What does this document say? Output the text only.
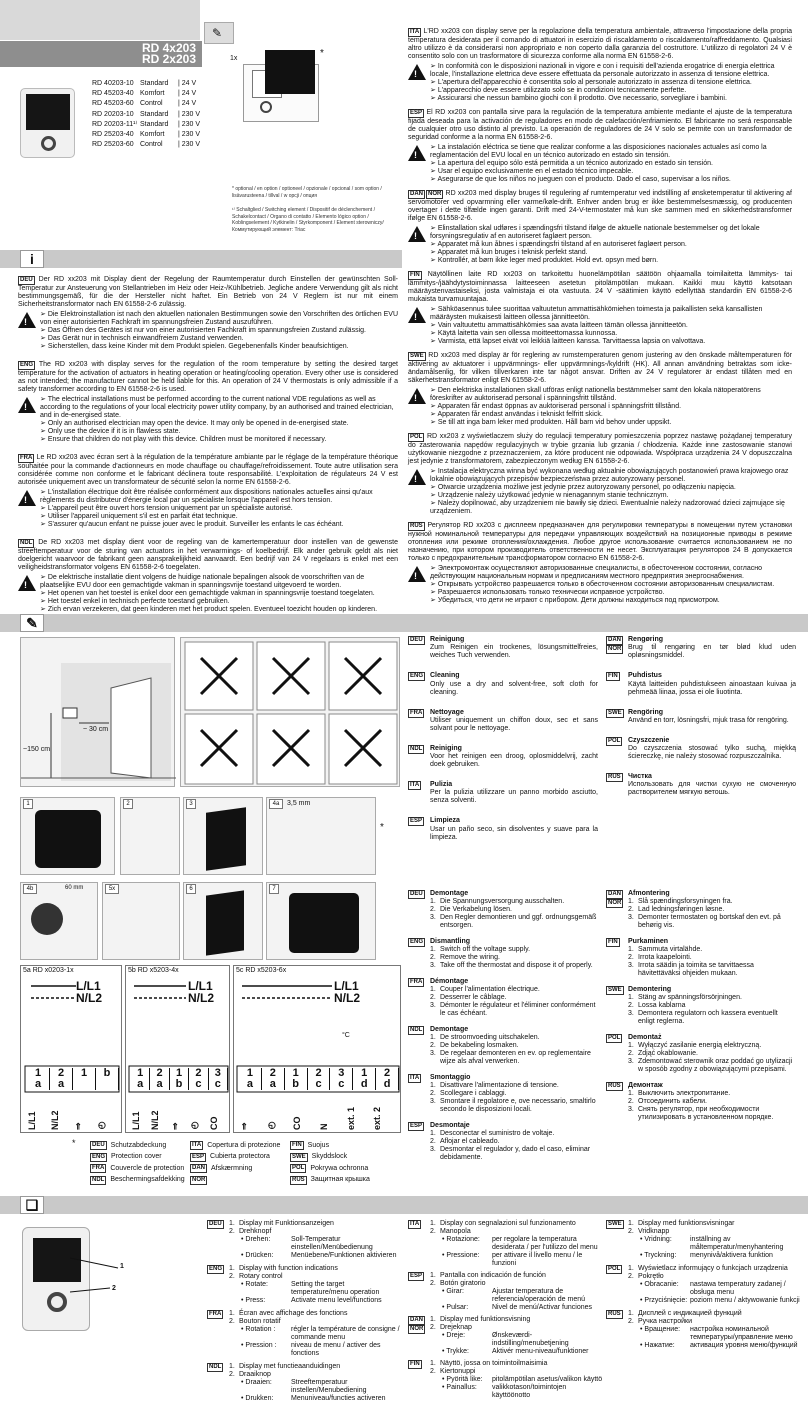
✎
RD 4x203
RD 2x203
RD 40203-10 Standard	| 24 V
RD 45203-40 Komfort	| 24 V
RD 45203-60 Control	| 24 V
RD 20203-10 Standard	| 230 V
RD 20203-11¹⁾ Standard	| 230 V
RD 25203-40 Komfort	| 230 V
RD 25203-60 Control	| 230 V
1x	*
* optional / en option / optioneel / opzionale / opcional / som option / lisävarusteena / tillval / w opcji / опция
¹⁾ Schaltglied / Switching element / Dispositif de déclenchement / Schakelcontact / Organo di contatto / Elemento lógico option / Koblingselement / Kytkinelin / Styrkomponent / Element sterowniczy/ Коммутирующий элемент: Triac
i
DEU Der RD xx203 mit Display dient der Regelung der Raumtemperatur durch Einstellen der gewünschten Soll-Temperatur zur Ansteuerung von Stellantrieben im Heiz oder Heiz-/Kühlbetrieb. Jegliche andere Verwendung gilt als nicht bestimmungsgemäß, für die der Hersteller nicht haftet. Ein Betrieb von 24 V Reglern ist nur mit einem Sicherheitstransformator nach EN 61558-2-6 zulässig.
!
➢ Die Elektroinstallation ist nach den aktuellen nationalen Bestimmungen sowie den Vorschriften des örtlichen EVU von einer autorisierten Fachkraft im spannungsfreien Zustand auszuführen.
➢ Das Öffnen des Gerätes ist nur von einer autorisierten Fachkraft im spannungsfreien Zustand zulässig.
➢ Das Gerät nur in technisch einwandfreiem Zustand verwenden.
➢ Sicherstellen, dass keine Kinder mit dem Produkt spielen. Gegebenenfalls Kinder beaufsichtigen.
ENG The RD xx203 with display serves for the regulation of the room temperature by setting the desired target temperature for the activation of actuators in heating operation or heating/cooling operation. Every other use is considered as not intended; the manufacturer cannot be held liable for this. An operation of 24 V thermostats is only admissible if a safety transformer according to EN 61558-2-6 is used.
!
➢ The electrical installations must be performed according to the current national VDE regulations as well as according to the regulations of your local electricity power utility company, by an authorised and trained electrician, and in de-energised state.
➢ Only an authorised electrician may open the device. It may only be opened in de-energised state.
➢ Only use the device if it is in flawless state.
➢ Ensure that children do not play with this device. Children must be monitored if necessary.
FRA Le RD xx203 avec écran sert à la régulation de la température ambiante par le réglage de la température théorique souhaitée pour la commande d'actionneurs en mode chauffage ou chauffage/refroidissement. Toute autre utilisation sera considérée comme non conforme et le fabricant déclinera toute responsabilité. L'exploitation de régulateurs 24 V est autorisée uniquement avec un transformateur de sécurité selon la norme EN 61558-2-6.
!
➢ L'installation électrique doit être réalisée conformément aux dispositions nationales actuelles ainsi qu'aux règlements du distributeur d'énergie local par un spécialiste lorsque l'appareil est hors tension.
➢ L'appareil peut être ouvert hors tension uniquement par un spécialiste autorisé.
➢ Utiliser l'appareil uniquement s'il est en parfait état technique.
➢ S'assurer qu'aucun enfant ne puisse jouer avec le produit. Surveiller les enfants le cas échéant.
NDL De RD xx203 met display dient voor de regeling van de kamertemperatuur door instellen van de gewenste streeftemperatuur voor de sturing van actuators in het verwarmings- of koelbedrijf. Elk ander gebruik geldt als niet doelgericht waarvoor de fabrikant geen aansprakelijkheid aanvaardt. Een bedrijf van 24 V regelaars is enkel met een veiligheidstransformator volgens EN 61558-2-6 toegelaten.
!
➢ De elektrische installatie dient volgens de huidige nationale bepalingen alsook de voorschriften van de plaatselijke EVU door een gemachtigde vakman in spanningsvrije toestand uitgevoerd te worden.
➢ Het openen van het toestel is enkel door een gemachtigde vakman in spanningsvrije toestand toegelaten.
➢ Het toestel enkel in technisch perfecte toestand gebruiken.
➢ Zich ervan verzekeren, dat geen kinderen met het product spelen. Eventueel toezicht houden op kinderen.
ITA L'RD xx203 con display serve per la regolazione della temperatura ambientale, attraverso l'impostazione della propria temperatura desiderata per il comando di attuatori in esercizio di riscaldamento o riscaldamento/raffreddamento. Qualsiasi altro utilizzo è da considerarsi non appropriato e non coperto dalla garanzia del costruttore. L'utilizzo di regolatori 24 V è consentito solo con un trasformatore di sicurezza conforme alla norma EN 61558-2-6.
!
➢ In conformità con le disposizioni nazionali in vigore e con i requisiti dell'azienda erogatrice di energia elettrica locale, l'installazione elettrica deve essere effettuata da personale autorizzato in assenza di tensione elettrica.
➢ L'apertura dell'apparecchio è consentita solo al personale autorizzato in assenza di tensione elettrica.
➢ L'apparecchio deve essere utilizzato solo se in condizioni tecnicamente perfette.
➢ Assicurarsi che nessun bambino giochi con il prodotto. Ove necessario, sorvegliare i bambini.
ESP El RD xx203 con pantalla sirve para la regulación de la temperatura ambiente mediante el ajuste de la temperatura fijada deseada para la activación de reguladores en modo de calefacción/enfriamiento. El fabricante no será responsable de cualquier otro uso distinto al previsto. La operación de reguladores de 24 V solo se permite con un transformador de seguridad conforme a la norma EN 61558-2-6.
!
➢ La instalación eléctrica se tiene que realizar conforme a las disposiciones nacionales actuales así como la reglamentación del EVU local en un técnico autorizado en estado sin tensión.
➢ La apertura del equipo sólo está permitida a un técnico autorizado en estado sin tensión.
➢ Usar el equipo exclusivamente en el estado técnico impecable.
➢ Asegurarse de que los niños no jueguen con el producto. Dado el caso, supervisar a los niños.
DAN NOR RD xx203 med display bruges til regulering af rumtemperatur ved indstilling af ønsketemperatur til aktivering af servomotorer ved opvarmning eller varme/køle-drift. Enhver anden brug er ikke bestemmelsesmæssig, og producenten overtager i dette tilfælde ingen garanti. Drift med 24-V-termostater må kun ske sammen med en sikkerhedstransformer ifølge EN 61558-2-6.
!
➢ Elinstallation skal udføres i spændingsfri tilstand ifølge de aktuelle nationale bestemmelser og det lokale forsyningsregulativ af en autoriseret fagløert person.
➢ Apparatet må kun åbnes i spændingsfri tilstand af en autoriseret fagløert person.
➢ Apparatet må kun bruges i teknisk perfekt stand.
➢ Kontrollér, at børn ikke leger med produktet. Hold evt. opsyn med børn.
FIN Näytöllinen laite RD xx203 on tarkoitettu huonelämpötilan säätöön ohjaamalla toimilaitetta lämmitys- tai lämmitys-/jäähdytystoiminnassa laitteeseen asetetun pitolämpötilan mukaan. Kaikki muu käyttö katsotaan määräystenvastaiseksi, josta valmistaja ei ota vastuuta. 24 V -säätimien käyttö edellyttää standardin EN 61558-2-6 mukaista turvamuuntajaa.
!
➢ Sähköasennus tulee suorittaa valtuutetun ammattisähkömiehen toimesta ja paikallisten sekä kansallisten määräysten mukaisesti laitteen ollessa jännitteetön.
➢ Vain valtuutettu ammattisähkömies saa avata laitteen tämän ollessa jännitteetön.
➢ Käytä laitetta vain sen ollessa moitteettomassa kunnossa.
➢ Varmista, että lapset eivät voi leikkiä laitteen kanssa. Tarvittaessa lapsia on valvottava.
SWE RD xx203 med display är för reglering av rumstemperaturen genom justering av den önskade måltemperaturen för aktivering av aktuatorer i uppvärmnings- eller uppvärmnings-/kyldrift (HK). All annan användning betraktas som icke-ändamålsenlig, för vilken tillverkaren inte tar något ansvar. Driften av 24 V regulatorer är endast tillåten med en säkerhetstransformator enligt EN 61558-2-6.
!
➢ Den elektriska installationen skall utföras enligt nationella bestämmelser samt den lokala nätoperatörens föreskrifter av auktoriserad personal i spänningsfritt tillstånd.
➢ Apparaten får endast öppnas av auktoriserad personal i spänningsfritt tillstånd.
➢ Apparaten får endast användas i tekniskt felfritt skick.
➢ Se till att inga barn leker med produkten. Håll barn vid behov under uppsikt.
POL RD xx203 z wyświetlaczem służy do regulacji temperatury pomieszczenia poprzez nastawę pożądanej temperatury do zasterowania napędów regulacyjnych w trybie grzania lub grzania / chłodzenia. Każde inne zastosowanie stanowi użytkowanie niezgodne z przeznaczeniem, za które producent nie odpowiada. Współpraca urządzenia 24 V dopuszczalna jest jedynie z transformatorem, zabezpieczonym według EN 61558-2-6.
!
➢ Instalacja elektryczna winna być wykonana według aktualnie obowiązujących postanowień prawa krajowego oraz lokalnie obowiązujących przepisów bezpieczeństwa przez autoryzowany personel.
➢ Otwarcie urządzenia możliwe jest jedynie przez autoryzowany personel, po odłączeniu napięcia.
➢ Urządzenie należy użytkować jedynie w nienagannym stanie technicznym.
➢ Należy dopilnować, aby urządzeniem nie bawiły się dzieci. Ewentualnie należy nadzorować dzieci zajmujące się urządzeniem.
RUS Регулятор RD xx203 с дисплеем предназначен для регулировки температуры в помещении путем установки нужной номинальной температуры для передачи управляющих воздействий на позиционные приводы в режиме отопления или режиме отопления/охлаждения. Любое другое использование считается использованием не по назначению, при котором производитель ответственности не несет. Эксплуатация регуляторов 24 В допускается только с предохранительным трансформатором согласно EN 61558-2-6.
!
➢ Электромонтаж осуществляют авторизованные специалисты, в обесточенном состоянии, согласно действующим национальным нормам и предписаниям местного предприятия энергоснабжения.
➢ Открывать устройство разрешается только в обесточенном состоянии авторизованным специалистам.
➢ Разрешается использовать только технически исправное устройство.
➢ Убедиться, что дети не играют с прибором. Дети должны находиться под присмотром.
✎
~ 30 cm
~150 cm
1	2	3	4a	3,5 mm
*
4b	60 mm	5x	6	7
5a RD x0203-1x
L/L1
N/L2
1
a
2
a
1	b
L/L1	N/L2	⇒	◷
5b RD x5203-4x
L/L1
N/L2
1
a
2
a
1
b
2
c
3
c
L/L1	N/L2	⇒	◷	CO
5c RD x5203-6x
L/L1
N/L2
°C
1
a
2
a
1
b
2
c
3
c
1
d
2
d
⇒	◷	CO	N	ext. 1	ext. 2
*	DEU Schutzabdeckung	ITA Copertura di protezione	FIN Suojus
ENG Protection cover	ESP Cubierta protectora	SWE Skyddslock
FRA Couvercle de protection	DAN Afskærmning	POL Pokrywa ochronna
NDL Beschermingsafdekking	NOR	RUS Защитная крышка
DEU	Reinigung
Zum Reinigen ein trockenes, lösungsmittelfreies, weiches Tuch verwenden.
ENG Cleaning
Only use a dry and solvent-free, soft cloth for cleaning.
FRA	Nettoyage
Utiliser uniquement un chiffon doux, sec et sans solvant pour le nettoyage.
NDL	Reiniging
Voor het reinigen een droog, oplosmiddelvrij, zacht doek gebruiken.
ITA	Pulizia
Per la pulizia utilizzare un panno morbido asciutto, senza solventi.
ESP	Limpieza
Usar un paño seco, sin disolventes y suave para la limpieza.
DAN
NOR
Rengøring
Brug til rengøring en tør blød klud uden opløsningsmiddel.
FIN	Puhdistus
Käytä laitteiden puhdistukseen ainoastaan kuivaa ja pehmeää liinaa, jossa ei ole liuotinta.
SWE Rengöring
Använd en torr, lösningsfri, mjuk trasa för rengöring.
POL	Czyszczenie
Do czyszczenia stosować tylko suchą, miękką ściereczkę, nie należy stosować rozpuszczalnika.
RUS	Чистка
Использовать для чистки сухую не смоченную растворителем мягкую ветошь.
DEU	Demontage
1. Die Spannungsversorgung ausschalten.
2. Die Verkabelung lösen.
3. Den Regler demontieren und ggf. ordnungsgemäß entsorgen.
ENG Dismantling
1. Switch off the voltage supply.
2. Remove the wiring.
3. Take off the thermostat and dispose it of properly.
FRA	Démontage
1. Couper l'alimentation électrique.
2. Desserrer le câblage.
3. Démonter le régulateur et l'éliminer conformément le cas échéant.
NDL	Demontage
1. De stroomvoeding uitschakelen.
2. De bekabeling losmaken.
3. De regelaar demonteren en ev. op reglementaire wijze als afval verwerken.
ITA	Smontaggio
1. Disattivare l'alimentazione di tensione.
2. Scollegare i cablaggi.
3. Smontare il regolatore e, ove necessario, smaltirlo secondo le disposizioni locali.
ESP	Desmontaje
1. Desconectar el suministro de voltaje.
2. Aflojar el cableado.
3. Desmontar el regulador y, dado el caso, eliminar debidamente.
DAN
NOR
Afmontering
1. Slå spændingsforsyningen fra.
2. Lad ledningsføringen løsne.
3. Demonter termostaten og bortskaf den evt. på behørig vis.
FIN	Purkaminen
1. Sammuta virtalähde.
2. Irrota kaapelointi.
3. Irrota säädin ja toimita se tarvittaessa hävitettäväksi ohjeiden mukaan.
SWE Demontering
1. Stäng av spänningsförsörjningen.
2. Lossa kablarna
3. Demontera regulatorn och kassera eventuellt enligt reglerna.
POL	Demontaż
1. Wyłączyć zasilanie energią elektryczną.
2. Zdjąć okablowanie.
3. Zdemontować sterownik oraz poddać go utylizacji w sposób zgodny z obowiązującymi przepisami.
RUS	Демонтаж
1. Выключить электропитание.
2. Отсоединить кабели.
3. Снять регулятор, при необходимости утилизировать в установленном порядке.
❑
1
2
DEU	1. Display mit Funktionsanzeigen
2. Drehknopf
• Drehen:	Soll-Temperatur einstellen/Menübedienung
• Drücken:	Menüebene/Funktionen aktivieren
ENG 1. Display with function indications
2. Rotary control
• Rotate:	Setting the target temperature/menu operation
• Press:	Activate menu level/functions
FRA	1. Écran avec affichage des fonctions
2. Bouton rotatif
• Rotation :	régler la température de consigne / commande menu
• Pression :	niveau de menu / activer des fonctions
NDL	1. Display met functieaanduidingen
2. Draaiknop
• Draaien:	Streeftemperatuur instellen/Menubediening
• Drukken:	Menuniveau/functies activeren
ITA	1. Display con segnalazioni sul funzionamento
2. Manopola
• Rotazione:	per regolare la temperatura desiderata / per l'utilizzo del menu
• Pressione:	per attivare il livello menu / le funzioni
ESP	1. Pantalla con indicación de función
2. Botón giratorio
• Girar:	Ajustar temperatura de referencia/operación de menú
• Pulsar:	Nivel de menú/Activar funciones
DAN
NOR
1. Display med funktionsvisning
2. Drejeknap
• Dreje:	Ønskeværdi-indstilling/menubetjening
• Trykke:	Aktivér menu-niveau/funktioner
FIN	1. Näyttö, jossa on toimintoilmaisimia
2. Kiertonuppi
• Pyöritä like:	pitolämpötilan asetus/valikon käyttö
• Painallus:	valikkotason/toimintojen käyttöönotto
SWE 1. Display med funktionsvisningar
2. Vridknapp
• Vridning:	inställning av måltemperatur/menyhantering
• Tryckning:	menynivå/aktivera funktion
POL	1. Wyświetlacz informujący o funkcjach urządzenia
2. Pokrętło
• Obracanie:	nastawa temperatury zadanej / obsługa menu
• Przyciśnięcie: poziom menu / aktywowanie funkcji
RUS	1. Дисплей с индикацией функций
2. Ручка настройки
• Вращение:	настройка номинальной температуры/управление меню
• Нажатие:	активация уровня меню/функций
